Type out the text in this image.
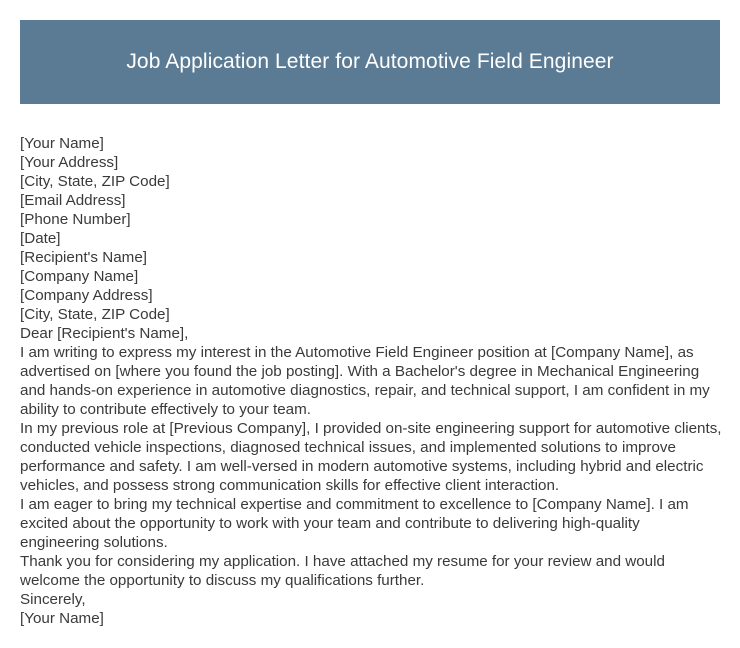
Job Application Letter for Automotive Field Engineer
[Your Name]
[Your Address]
[City, State, ZIP Code]
[Email Address]
[Phone Number]
[Date]
[Recipient's Name]
[Company Name]
[Company Address]
[City, State, ZIP Code]
Dear [Recipient's Name],

I am writing to express my interest in the Automotive Field Engineer position at [Company Name], as advertised on [where you found the job posting]. With a Bachelor's degree in Mechanical Engineering and hands-on experience in automotive diagnostics, repair, and technical support, I am confident in my ability to contribute effectively to your team.

In my previous role at [Previous Company], I provided on-site engineering support for automotive clients, conducted vehicle inspections, diagnosed technical issues, and implemented solutions to improve performance and safety. I am well-versed in modern automotive systems, including hybrid and electric vehicles, and possess strong communication skills for effective client interaction.

I am eager to bring my technical expertise and commitment to excellence to [Company Name]. I am excited about the opportunity to work with your team and contribute to delivering high-quality engineering solutions.

Thank you for considering my application. I have attached my resume for your review and would welcome the opportunity to discuss my qualifications further.

Sincerely,
[Your Name]
